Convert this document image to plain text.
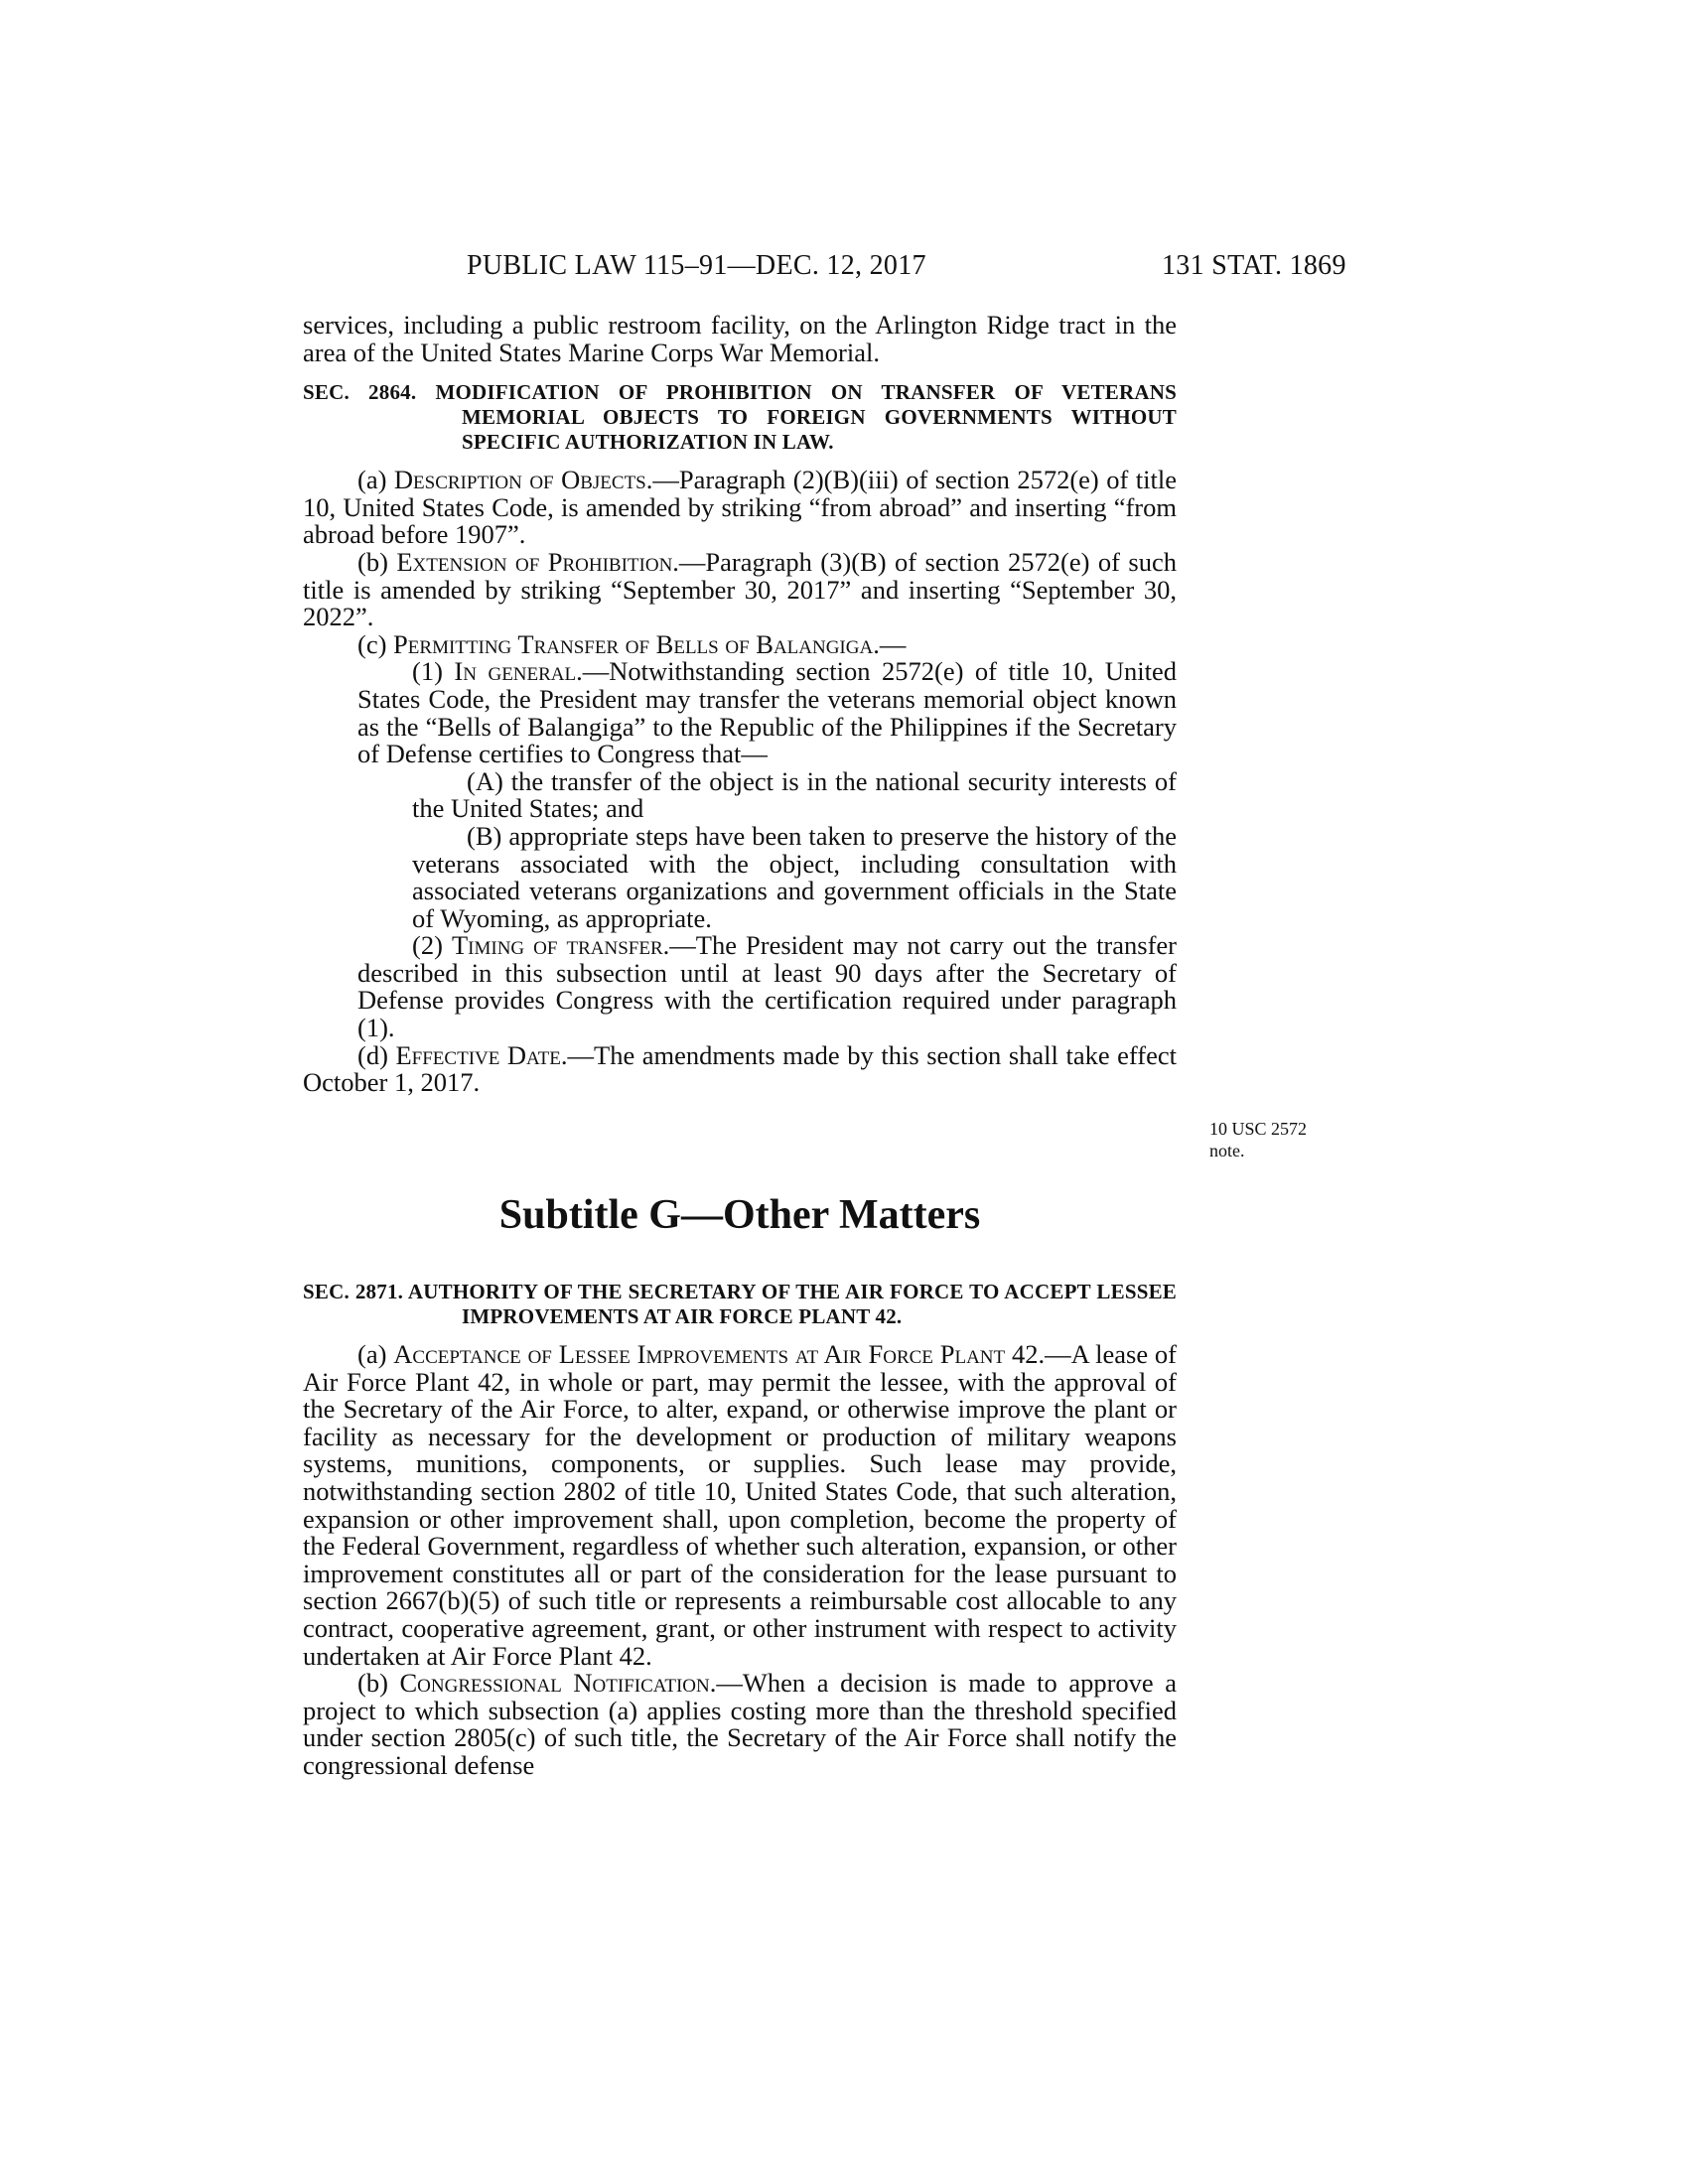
PUBLIC LAW 115–91—DEC. 12, 2017	131 STAT. 1869

services, including a public restroom facility, on the Arlington Ridge tract in the area of the United States Marine Corps War Memorial.

SEC. 2864. MODIFICATION OF PROHIBITION ON TRANSFER OF VETERANS MEMORIAL OBJECTS TO FOREIGN GOVERNMENTS WITHOUT SPECIFIC AUTHORIZATION IN LAW.

(a) Description of Objects.—Paragraph (2)(B)(iii) of section 2572(e) of title 10, United States Code, is amended by striking “from abroad” and inserting “from abroad before 1907”.

(b) Extension of Prohibition.—Paragraph (3)(B) of section 2572(e) of such title is amended by striking “September 30, 2017” and inserting “September 30, 2022”.

(c) Permitting Transfer of Bells of Balangiga.—

(1) In general.—Notwithstanding section 2572(e) of title 10, United States Code, the President may transfer the veterans memorial object known as the “Bells of Balangiga” to the Republic of the Philippines if the Secretary of Defense certifies to Congress that—

(A) the transfer of the object is in the national security interests of the United States; and

(B) appropriate steps have been taken to preserve the history of the veterans associated with the object, including consultation with associated veterans organizations and government officials in the State of Wyoming, as appropriate.

(2) Timing of transfer.—The President may not carry out the transfer described in this subsection until at least 90 days after the Secretary of Defense provides Congress with the certification required under paragraph (1).

(d) Effective Date.—The amendments made by this section shall take effect October 1, 2017.

10 USC 2572 note.
Subtitle G—Other Matters

SEC. 2871. AUTHORITY OF THE SECRETARY OF THE AIR FORCE TO ACCEPT LESSEE IMPROVEMENTS AT AIR FORCE PLANT 42.

(a) Acceptance of Lessee Improvements at Air Force Plant 42.—A lease of Air Force Plant 42, in whole or part, may permit the lessee, with the approval of the Secretary of the Air Force, to alter, expand, or otherwise improve the plant or facility as necessary for the development or production of military weapons systems, munitions, components, or supplies. Such lease may provide, notwithstanding section 2802 of title 10, United States Code, that such alteration, expansion or other improvement shall, upon completion, become the property of the Federal Government, regardless of whether such alteration, expansion, or other improvement constitutes all or part of the consideration for the lease pursuant to section 2667(b)(5) of such title or represents a reimbursable cost allocable to any contract, cooperative agreement, grant, or other instrument with respect to activity undertaken at Air Force Plant 42.

(b) Congressional Notification.—When a decision is made to approve a project to which subsection (a) applies costing more than the threshold specified under section 2805(c) of such title, the Secretary of the Air Force shall notify the congressional defense
